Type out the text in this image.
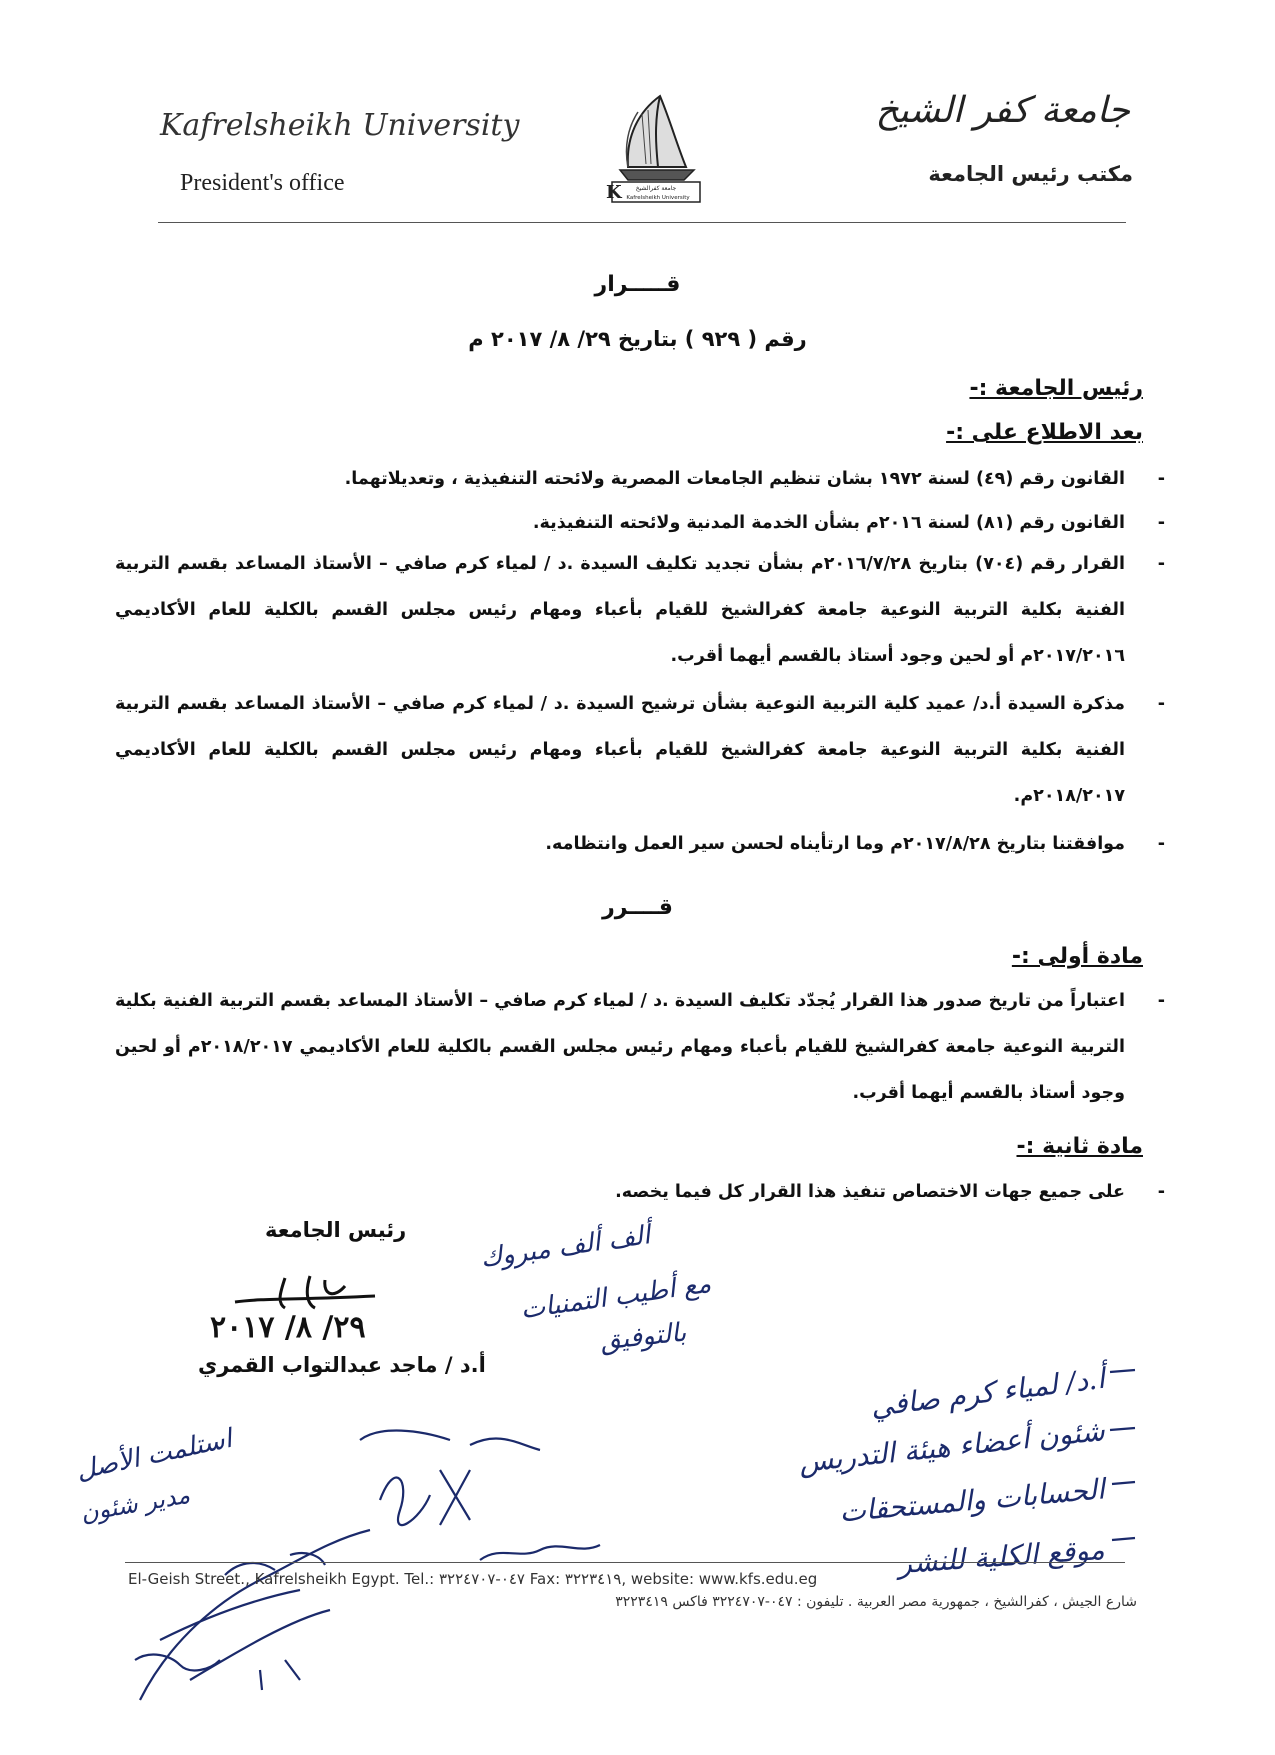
Kafrelsheikh University
President's office
جامعة كفر الشيخ
مكتب رئيس الجامعة
K جامعة كفرالشيخ
Kafrelsheikh University
قـــــرار
رقم ( ٩٢٩ ) بتاريخ ٢٩/ ٨/ ٢٠١٧ م
رئيس الجامعة :-
بعد الاطلاع على :-
- القانون رقم (٤٩) لسنة ١٩٧٢ بشان تنظيم الجامعات المصرية ولائحته التنفيذية ، وتعديلاتهما.
- القانون رقم (٨١) لسنة ٢٠١٦م بشأن الخدمة المدنية ولائحته التنفيذية.
- القرار رقم (٧٠٤) بتاريخ ٢٠١٦/٧/٢٨م بشأن تجديد تكليف السيدة .د / لمياء كرم صافي – الأستاذ المساعد بقسم التربية الفنية بكلية التربية النوعية جامعة كفرالشيخ للقيام بأعباء ومهام رئيس مجلس القسم بالكلية للعام الأكاديمي ٢٠١٧/٢٠١٦م أو لحين وجود أستاذ بالقسم أيهما أقرب.
- مذكرة السيدة أ.د/ عميد كلية التربية النوعية بشأن ترشيح السيدة .د / لمياء كرم صافي – الأستاذ المساعد بقسم التربية الفنية بكلية التربية النوعية جامعة كفرالشيخ للقيام بأعباء ومهام رئيس مجلس القسم بالكلية للعام الأكاديمي ٢٠١٨/٢٠١٧م.
- موافقتنا بتاريخ ٢٠١٧/٨/٢٨م وما ارتأيناه لحسن سير العمل وانتظامه.
قــــرر
مادة أولى :-
- اعتباراً من تاريخ صدور هذا القرار يُجدّد تكليف السيدة .د / لمياء كرم صافي – الأستاذ المساعد بقسم التربية الفنية بكلية التربية النوعية جامعة كفرالشيخ للقيام بأعباء ومهام رئيس مجلس القسم بالكلية للعام الأكاديمي ٢٠١٨/٢٠١٧م أو لحين وجود أستاذ بالقسم أيهما أقرب.
مادة ثانية :-
- على جميع جهات الاختصاص تنفيذ هذا القرار كل فيما يخصه.
رئيس الجامعة
٢٩/ ٨/ ٢٠١٧
أ.د / ماجد عبدالتواب القمري
ألف ألف مبروك
مع أطيب التمنيات
بالتوفيق
أ.د/ لمياء كرم صافي
شئون أعضاء هيئة التدريس
الحسابات والمستحقات
موقع الكلية للنشر
استلمت الأصل
مدير شئون
El-Geish Street., Kafrelsheikh Egypt. Tel.: ٠٤٧-٣٢٢٤٧٠٧ Fax: ٣٢٢٣٤١٩, website: www.kfs.edu.eg
شارع الجيش ، كفرالشيخ ، جمهورية مصر العربية . تليفون : ٠٤٧-٣٢٢٤٧٠٧ فاكس ٣٢٢٣٤١٩
